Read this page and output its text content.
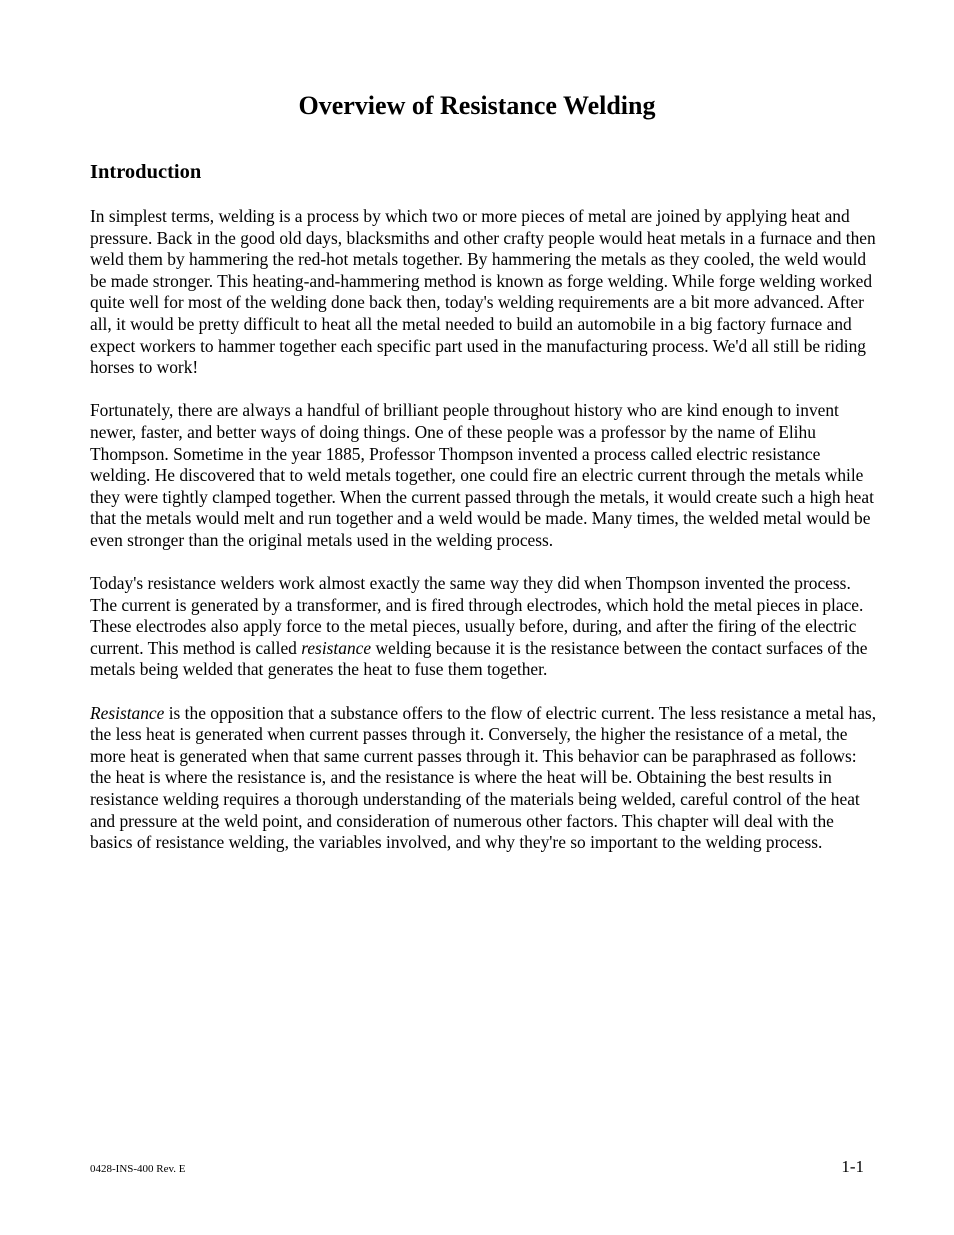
Overview of Resistance Welding
Introduction

In simplest terms, welding is a process by which two or more pieces of metal are joined by applying heat and pressure. Back in the good old days, blacksmiths and other crafty people would heat metals in a furnace and then weld them by hammering the red-hot metals together. By hammering the metals as they cooled, the weld would be made stronger. This heating-and-hammering method is known as forge welding. While forge welding worked quite well for most of the welding done back then, today's welding requirements are a bit more advanced. After all, it would be pretty difficult to heat all the metal needed to build an automobile in a big factory furnace and expect workers to hammer together each specific part used in the manufacturing process. We'd all still be riding horses to work!

Fortunately, there are always a handful of brilliant people throughout history who are kind enough to invent newer, faster, and better ways of doing things. One of these people was a professor by the name of Elihu Thompson. Sometime in the year 1885, Professor Thompson invented a process called electric resistance welding. He discovered that to weld metals together, one could fire an electric current through the metals while they were tightly clamped together. When the current passed through the metals, it would create such a high heat that the metals would melt and run together and a weld would be made. Many times, the welded metal would be even stronger than the original metals used in the welding process.

Today's resistance welders work almost exactly the same way they did when Thompson invented the process. The current is generated by a transformer, and is fired through electrodes, which hold the metal pieces in place. These electrodes also apply force to the metal pieces, usually before, during, and after the firing of the electric current. This method is called resistance welding because it is the resistance between the contact surfaces of the metals being welded that generates the heat to fuse them together.

Resistance is the opposition that a substance offers to the flow of electric current. The less resistance a metal has, the less heat is generated when current passes through it. Conversely, the higher the resistance of a metal, the more heat is generated when that same current passes through it. This behavior can be paraphrased as follows: the heat is where the resistance is, and the resistance is where the heat will be. Obtaining the best results in resistance welding requires a thorough understanding of the materials being welded, careful control of the heat and pressure at the weld point, and consideration of numerous other factors. This chapter will deal with the basics of resistance welding, the variables involved, and why they're so important to the welding process.

0428-INS-400 Rev. E	1-1
